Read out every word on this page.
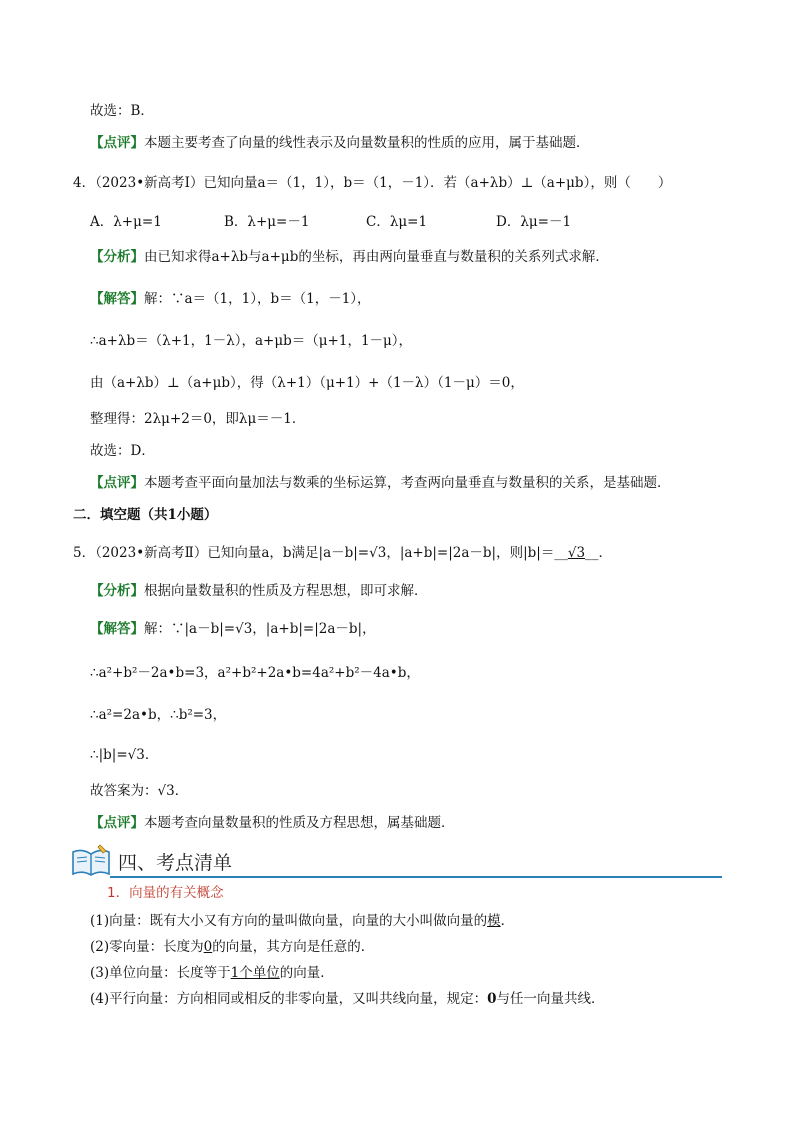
故选：B．
【点评】本题主要考查了向量的线性表示及向量数量积的性质的应用，属于基础题．
4．（2023•新高考Ⅰ）已知向量a＝（1，1），b＝（1，－1）．若（a+λb）⊥（a+μb），则（　　）
A．λ+μ=1	B．λ+μ=－1	C．λμ=1	D．λμ=－1
【分析】由已知求得a+λb与a+μb的坐标，再由两向量垂直与数量积的关系列式求解．
【解答】解：∵a＝（1，1），b＝（1，－1），
∴a+λb＝（λ+1，1－λ），a+μb＝（μ+1，1－μ），
由（a+λb）⊥（a+μb），得（λ+1）（μ+1）+（1－λ）（1－μ）＝0，
整理得：2λμ+2＝0，即λμ＝－1．
故选：D．
【点评】本题考查平面向量加法与数乘的坐标运算，考查两向量垂直与数量积的关系，是基础题．
二．填空题（共1小题）
5．（2023•新高考Ⅱ）已知向量a，b满足|a－b|=√3，|a+b|=|2a－b|，则|b|＝__√3__．
【分析】根据向量数量积的性质及方程思想，即可求解．
【解答】解：∵|a－b|=√3，|a+b|=|2a－b|，
∴a²+b²－2a•b=3，a²+b²+2a•b=4a²+b²－4a•b，
∴a²=2a•b，∴b²=3，
∴|b|=√3．
故答案为：√3．
【点评】本题考查向量数量积的性质及方程思想，属基础题．
四、考点清单
1．向量的有关概念
(1)向量：既有大小又有方向的量叫做向量，向量的大小叫做向量的模．
(2)零向量：长度为0的向量，其方向是任意的．
(3)单位向量：长度等于1个单位的向量．
(4)平行向量：方向相同或相反的非零向量，又叫共线向量，规定：0与任一向量共线．
